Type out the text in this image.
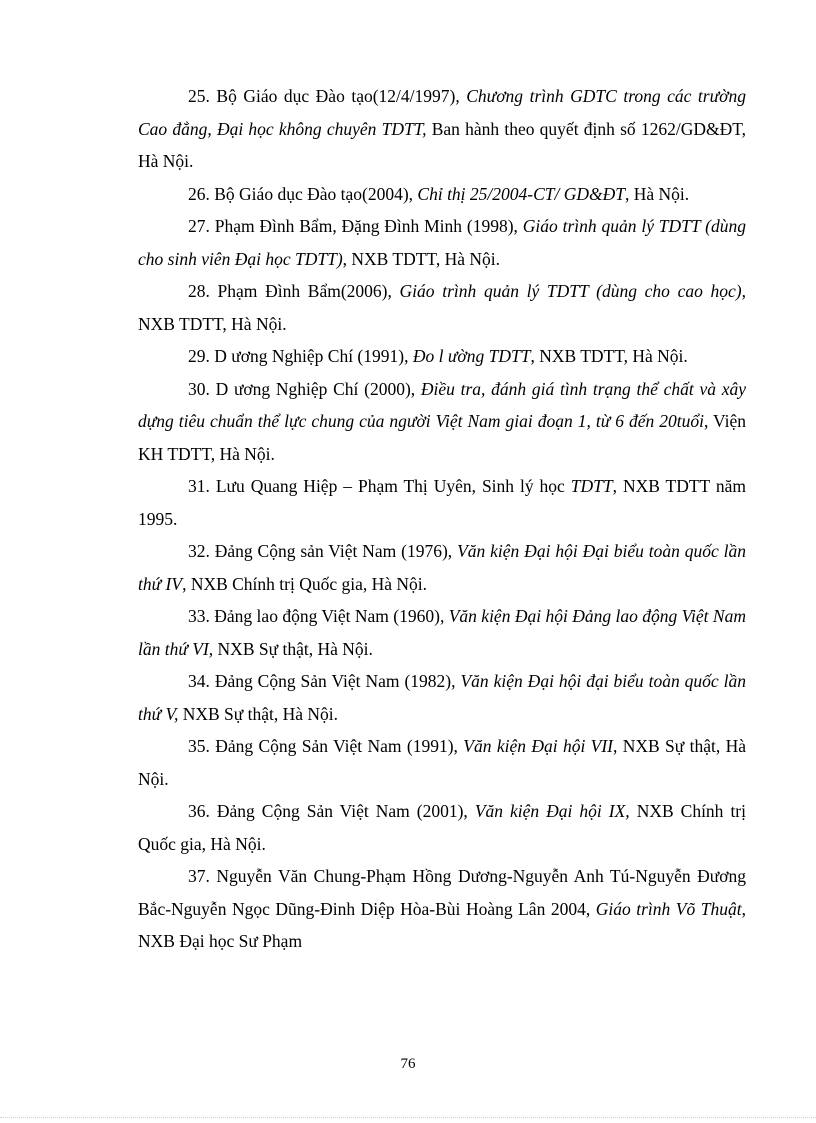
25. Bộ Giáo dục Đào tạo(12/4/1997), Chương trình GDTC trong các trường Cao đẳng, Đại học không chuyên TDTT, Ban hành theo quyết định số 1262/GD&ĐT, Hà Nội.

26. Bộ Giáo dục Đào tạo(2004), Chỉ thị 25/2004-CT/ GD&ĐT, Hà Nội.

27. Phạm Đình Bẩm, Đặng Đình Minh (1998), Giáo trình quản lý TDTT (dùng cho sinh viên Đại học TDTT), NXB TDTT, Hà Nội.

28. Phạm Đình Bẩm(2006), Giáo trình quản lý TDTT (dùng cho cao học), NXB TDTT, Hà Nội.

29. D ương Nghiệp Chí (1991), Đo l ường TDTT, NXB TDTT, Hà Nội.

30. D ương Nghiệp Chí (2000), Điều tra, đánh giá tình trạng thể chất và xây dựng tiêu chuẩn thể lực chung của người Việt Nam giai đoạn 1, từ 6 đến 20tuổi, Viện KH TDTT, Hà Nội.

31. Lưu Quang Hiệp – Phạm Thị Uyên, Sinh lý học TDTT, NXB TDTT năm 1995.

32. Đảng Cộng sản Việt Nam (1976), Văn kiện Đại hội Đại biểu toàn quốc lần thứ IV, NXB Chính trị Quốc gia, Hà Nội.

33. Đảng lao động Việt Nam (1960), Văn kiện Đại hội Đảng lao động Việt Nam lần thứ VI, NXB Sự thật, Hà Nội.

34. Đảng Cộng Sản Việt Nam (1982), Văn kiện Đại hội đại biểu toàn quốc lần thứ V, NXB Sự thật, Hà Nội.

35. Đảng Cộng Sản Việt Nam (1991), Văn kiện Đại hội VII, NXB Sự thật, Hà Nội.

36. Đảng Cộng Sản Việt Nam (2001), Văn kiện Đại hội IX, NXB Chính trị Quốc gia, Hà Nội.

37. Nguyễn Văn Chung-Phạm Hồng Dương-Nguyễn Anh Tú-Nguyễn Đương Bắc-Nguyễn Ngọc Dũng-Đinh Diệp Hòa-Bùi Hoàng Lân 2004, Giáo trình Võ Thuật, NXB Đại học Sư Phạm

76
